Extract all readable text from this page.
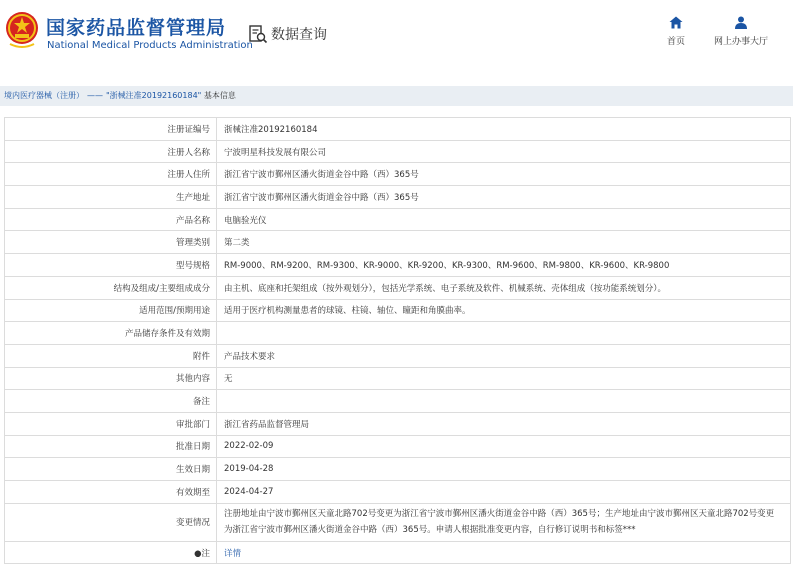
国家药品监督管理局
National Medical Products Administration
数据查询	首页	网上办事大厅
境内医疗器械（注册） —— "浙械注准20192160184" 基本信息
注册证编号	浙械注准20192160184
注册人名称	宁波明星科技发展有限公司
注册人住所	浙江省宁波市鄞州区潘火街道金谷中路（西）365号
生产地址	浙江省宁波市鄞州区潘火街道金谷中路（西）365号
产品名称	电脑验光仪
管理类别	第二类
型号规格	RM-9000、RM-9200、RM-9300、KR-9000、KR-9200、KR-9300、RM-9600、RM-9800、KR-9600、KR-9800
结构及组成/主要组成成分	由主机、底座和托架组成（按外观划分），包括光学系统、电子系统及软件、机械系统、壳体组成（按功能系统划分）。
适用范围/预期用途	适用于医疗机构测量患者的球镜、柱镜、轴位、瞳距和角膜曲率。
产品储存条件及有效期	
附件	产品技术要求
其他内容	无
备注	
审批部门	浙江省药品监督管理局
批准日期	2022-02-09
生效日期	2019-04-28
有效期至	2024-04-27
变更情况	注册地址由宁波市鄞州区天童北路702号变更为浙江省宁波市鄞州区潘火街道金谷中路（西）365号；生产地址由宁波市鄞州区天童北路702号变更为浙江省宁波市鄞州区潘火街道金谷中路（西）365号。申请人根据批准变更内容，自行修订说明书和标签***
●注	详情
